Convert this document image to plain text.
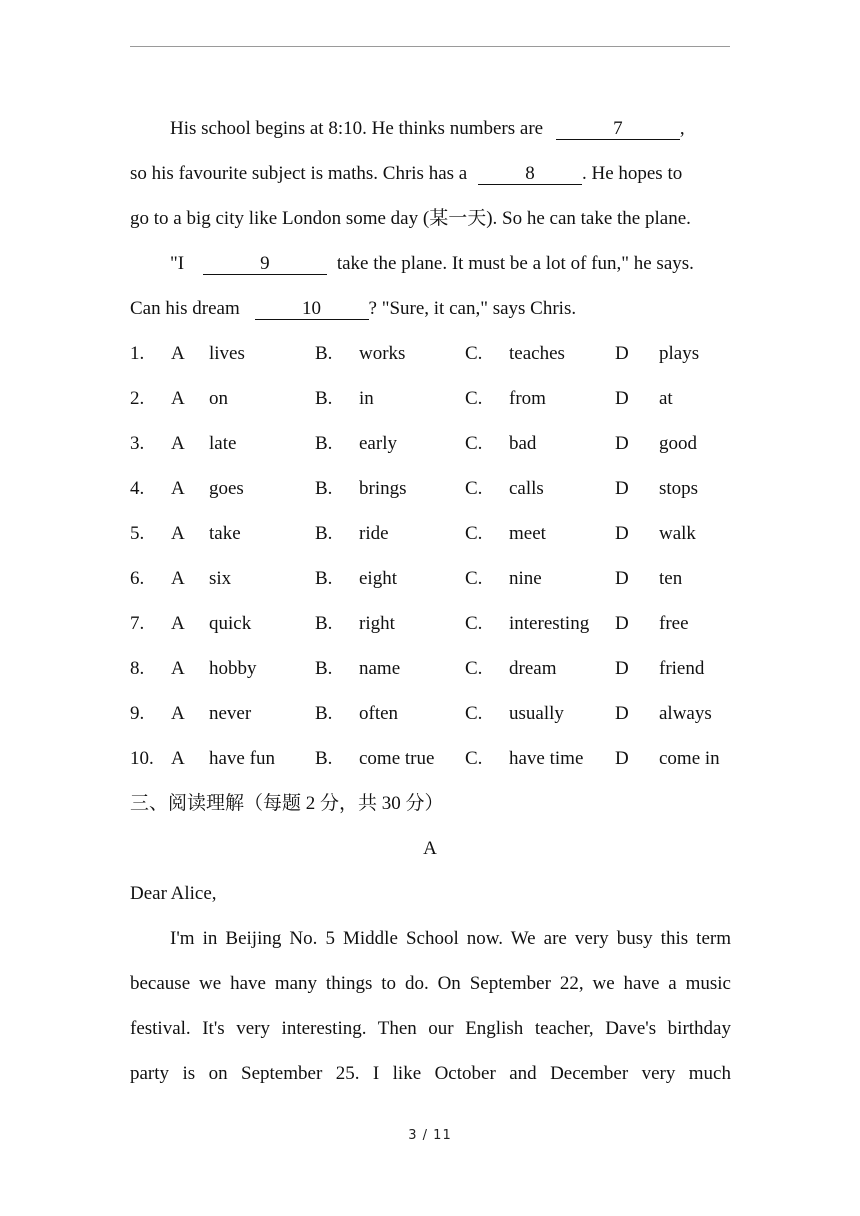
His school begins at 8:10. He thinks numbers are	7	,
so his favourite subject is maths. Chris has a	8 . He hopes to
go to a big city like London some day (某一天). So he can take the plane.
"I	9	take the plane. It must be a lot of fun," he says.
Can his dream	10	? "Sure, it can," says Chris.
1. A lives	B. works	C. teaches	D plays
2. A on	B. in	C. from	D at
3. A late	B. early	C. bad	D good
4. A goes	B. brings	C. calls	D stops
5. A take	B. ride	C. meet	D walk
6. A six	B. eight	C. nine	D ten
7. A quick	B. right	C. interesting D free
8. A hobby	B. name	C. dream	D friend
9. A never	B. often	C. usually	D always
10. A have fun B. come true C. have time D come in
三、阅读理解（每题 2 分，共 30 分）
A
Dear Alice,
I'm in Beijing No. 5 Middle School now. We are very busy this term
because we have many things to do. On September 22, we have a music
festival. It's very interesting. Then our English teacher, Dave's birthday
party is on September 25. I like October and December very much
3 / 11
